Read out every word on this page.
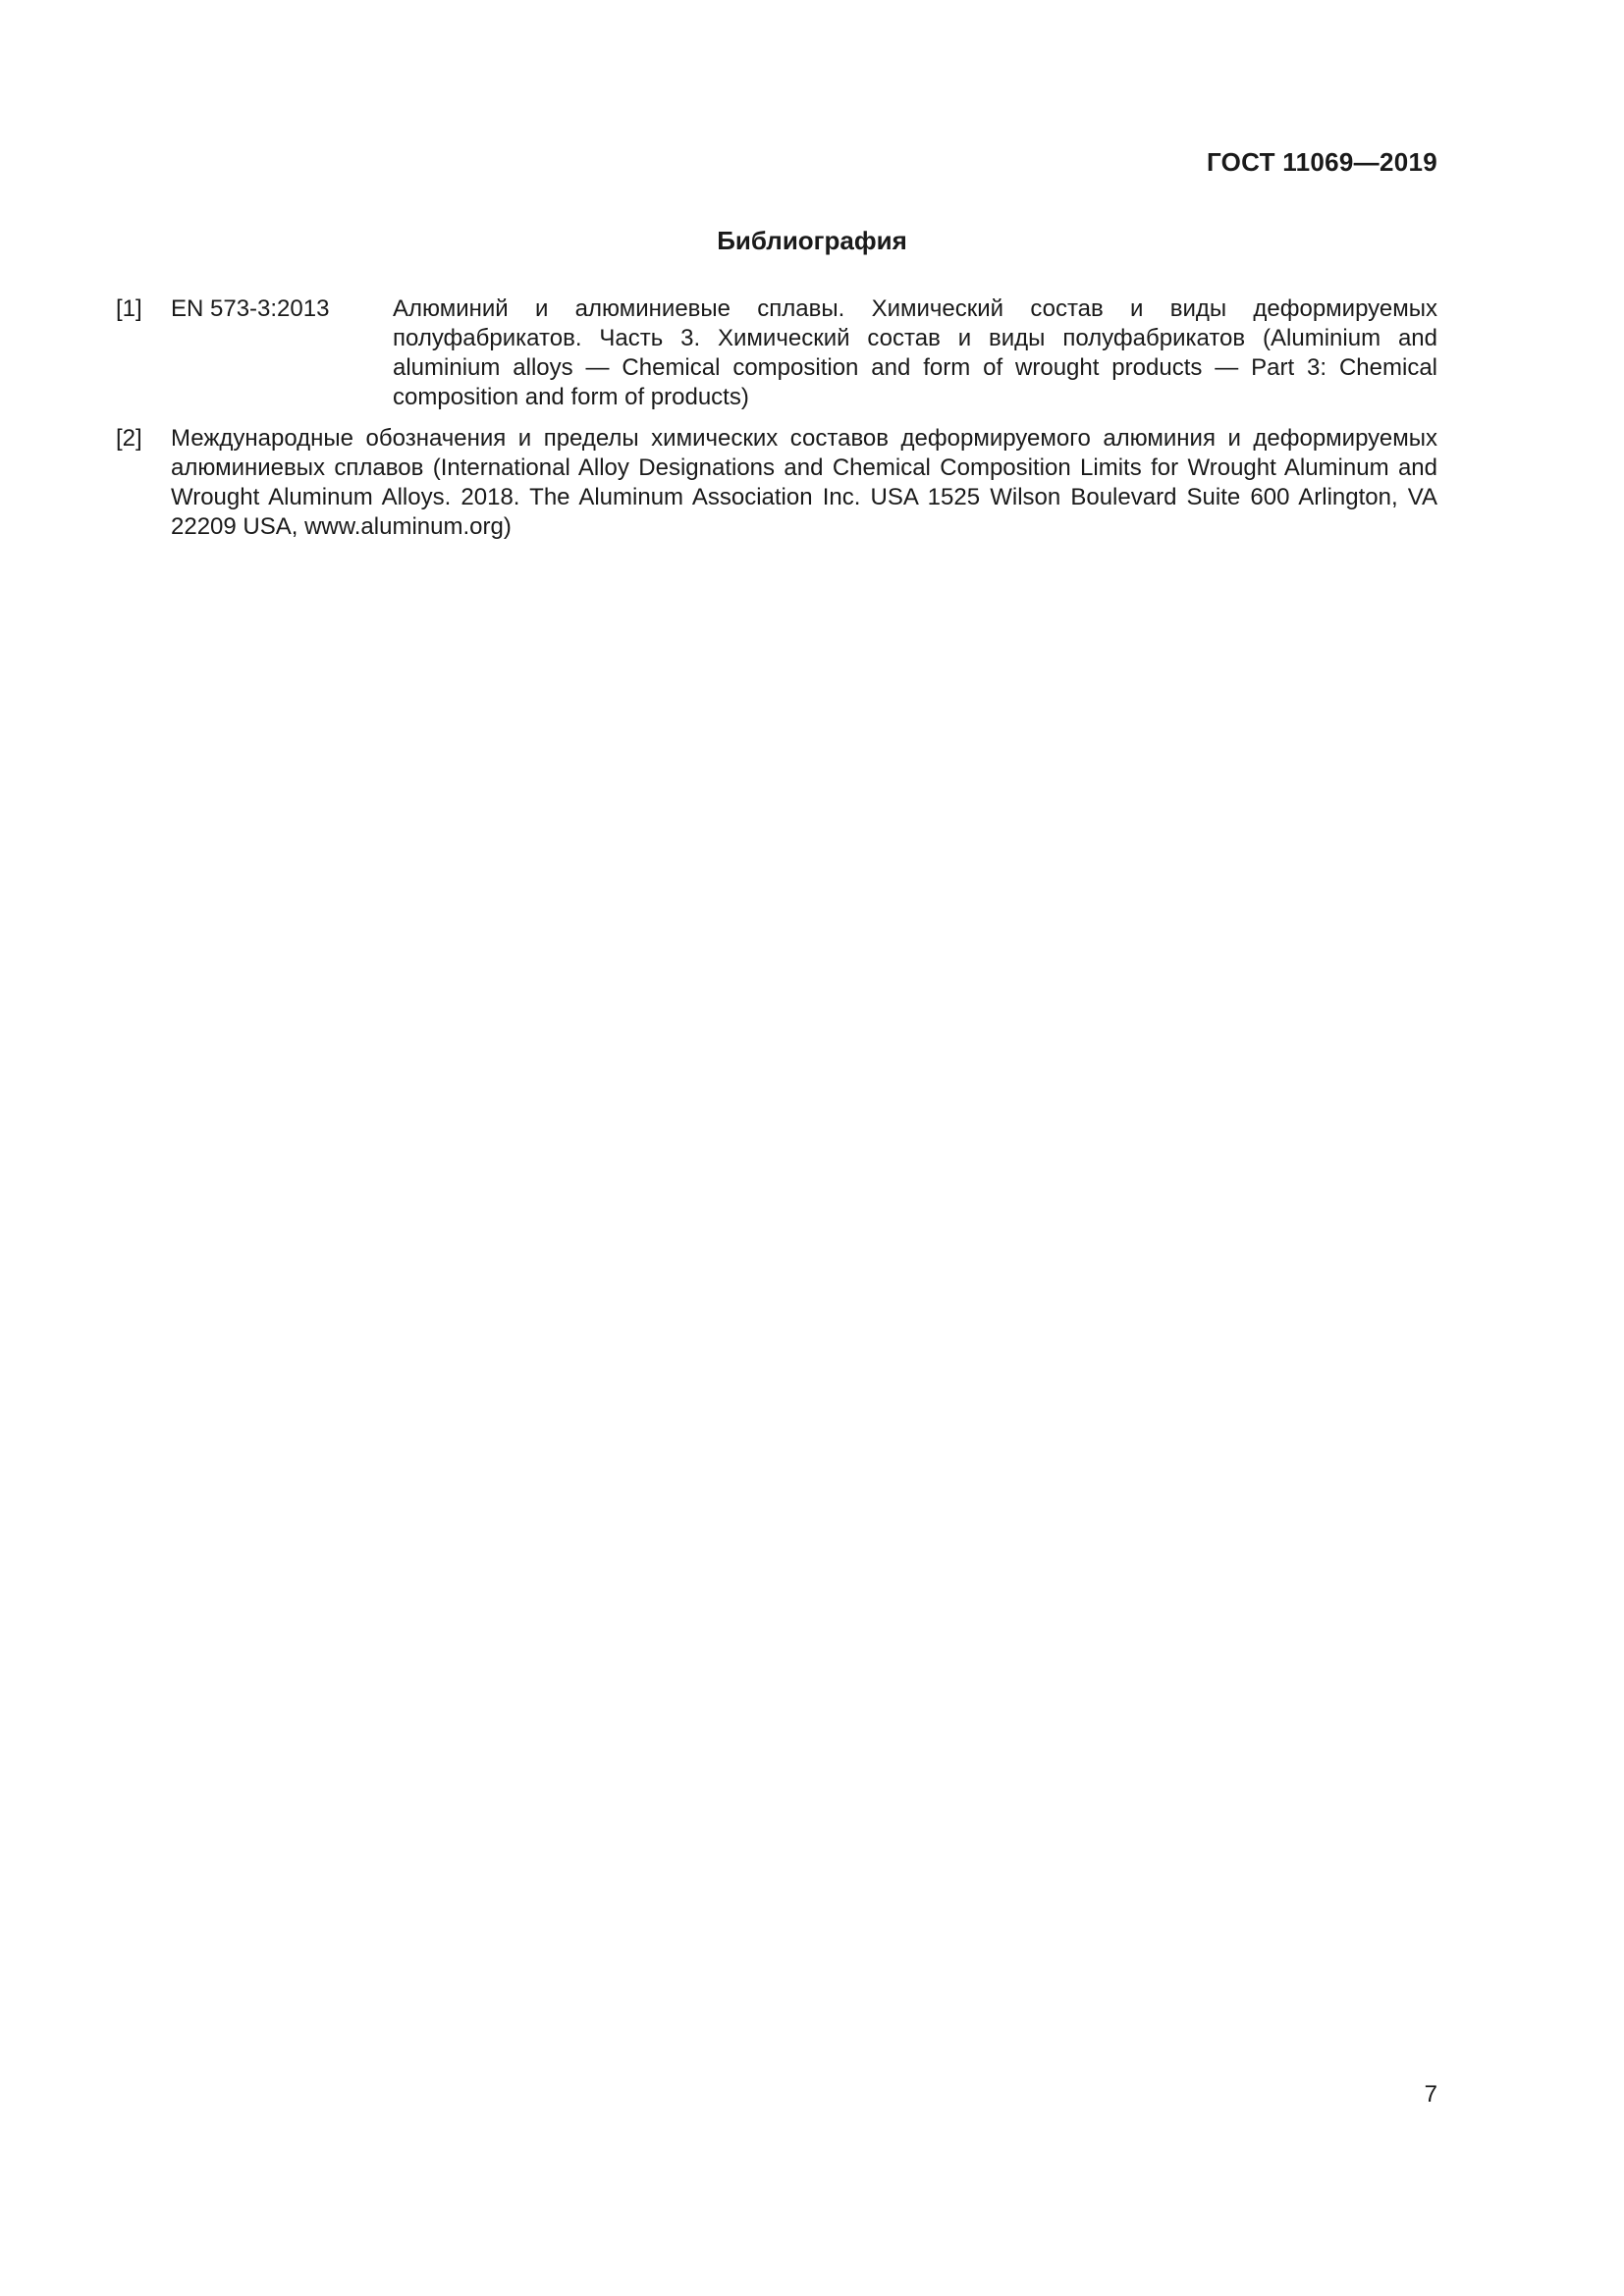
ГОСТ 11069—2019
Библиография
[1]	EN 573-3:2013	Алюминий и алюминиевые сплавы. Химический состав и виды деформируемых полуфабрикатов. Часть 3. Химический состав и виды полуфабрикатов (Aluminium and aluminium alloys — Chemical composition and form of wrought products — Part 3: Chemical composition and form of products)
[2]	Международные обозначения и пределы химических составов деформируемого алюминия и деформируемых алюминиевых сплавов (International Alloy Designations and Chemical Composition Limits for Wrought Aluminum and Wrought Aluminum Alloys. 2018. The Aluminum Association Inc. USA 1525 Wilson Boulevard Suite 600 Arlington, VA 22209 USA, www.aluminum.org)
7
